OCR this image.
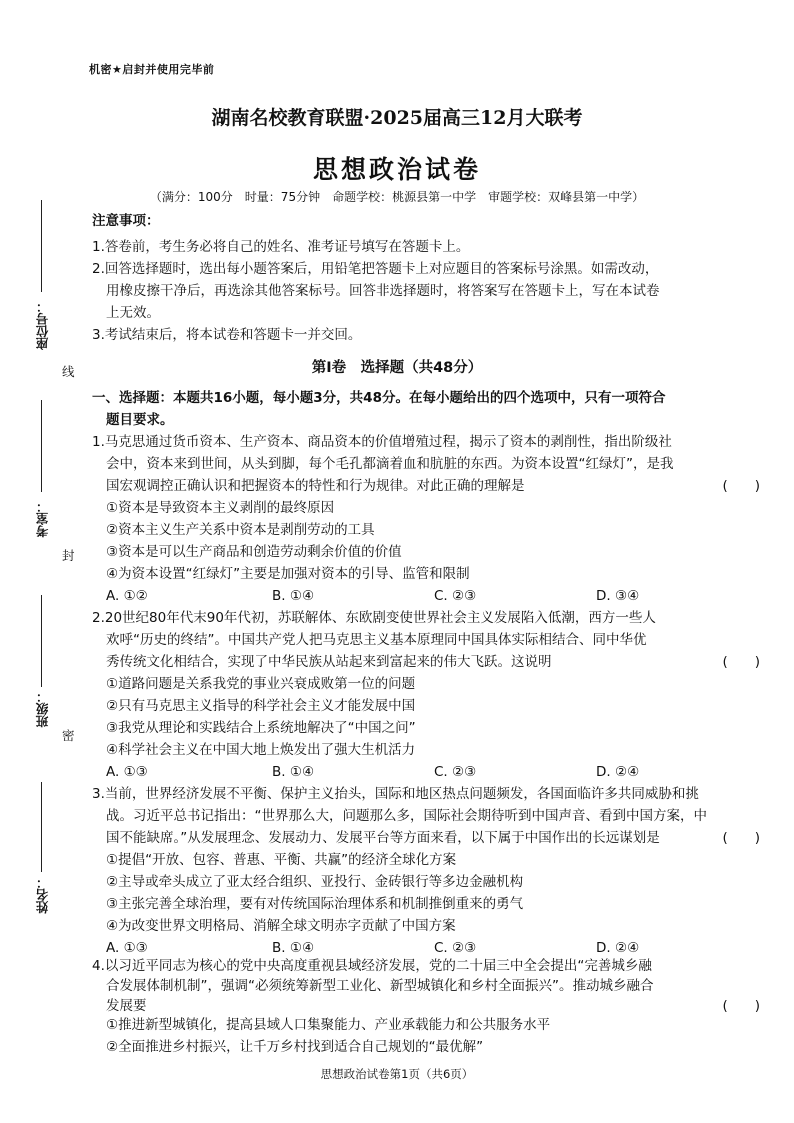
座位号：
考室：
班级：
姓名：
线
封
密
机密★启封并使用完毕前
湖南名校教育联盟·2025届高三12月大联考
思想政治试卷
（满分：100分　时量：75分钟　命题学校：桃源县第一中学　审题学校：双峰县第一中学）
注意事项：
1.答卷前，考生务必将自己的姓名、准考证号填写在答题卡上。
2.回答选择题时，选出每小题答案后，用铅笔把答题卡上对应题目的答案标号涂黑。如需改动，
用橡皮擦干净后，再选涂其他答案标号。回答非选择题时，将答案写在答题卡上，写在本试卷
上无效。
3.考试结束后，将本试卷和答题卡一并交回。
第Ⅰ卷　选择题（共48分）
一、选择题：本题共16小题，每小题3分，共48分。在每小题给出的四个选项中，只有一项符合
题目要求。
1.马克思通过货币资本、生产资本、商品资本的价值增殖过程，揭示了资本的剥削性，指出阶级社
会中，资本来到世间，从头到脚，每个毛孔都滴着血和肮脏的东西。为资本设置“红绿灯”，是我
国宏观调控正确认识和把握资本的特性和行为规律。对此正确的理解是	(　　)
①资本是导致资本主义剥削的最终原因
②资本主义生产关系中资本是剥削劳动的工具
③资本是可以生产商品和创造劳动剩余价值的价值
④为资本设置“红绿灯”主要是加强对资本的引导、监管和限制
A. ①②	B. ①④	C. ②③	D. ③④
2.20世纪80年代末90年代初，苏联解体、东欧剧变使世界社会主义发展陷入低潮，西方一些人
欢呼“历史的终结”。中国共产党人把马克思主义基本原理同中国具体实际相结合、同中华优
秀传统文化相结合，实现了中华民族从站起来到富起来的伟大飞跃。这说明	(　　)
①道路问题是关系我党的事业兴衰成败第一位的问题
②只有马克思主义指导的科学社会主义才能发展中国
③我党从理论和实践结合上系统地解决了“中国之问”
④科学社会主义在中国大地上焕发出了强大生机活力
A. ①③	B. ①④	C. ②③	D. ②④
3.当前，世界经济发展不平衡、保护主义抬头，国际和地区热点问题频发，各国面临许多共同威胁和挑
战。习近平总书记指出：“世界那么大，问题那么多，国际社会期待听到中国声音、看到中国方案，中
国不能缺席。”从发展理念、发展动力、发展平台等方面来看，以下属于中国作出的长远谋划是	(　　)
①提倡“开放、包容、普惠、平衡、共赢”的经济全球化方案
②主导或牵头成立了亚太经合组织、亚投行、金砖银行等多边金融机构
③主张完善全球治理，要有对传统国际治理体系和机制推倒重来的勇气
④为改变世界文明格局、消解全球文明赤字贡献了中国方案
A. ①③	B. ①④	C. ②③	D. ②④
4.以习近平同志为核心的党中央高度重视县域经济发展，党的二十届三中全会提出“完善城乡融
合发展体制机制”，强调“必须统筹新型工业化、新型城镇化和乡村全面振兴”。推动城乡融合
发展要	(　　)
①推进新型城镇化，提高县域人口集聚能力、产业承载能力和公共服务水平
②全面推进乡村振兴，让千万乡村找到适合自己规划的“最优解”
思想政治试卷第1页（共6页）
